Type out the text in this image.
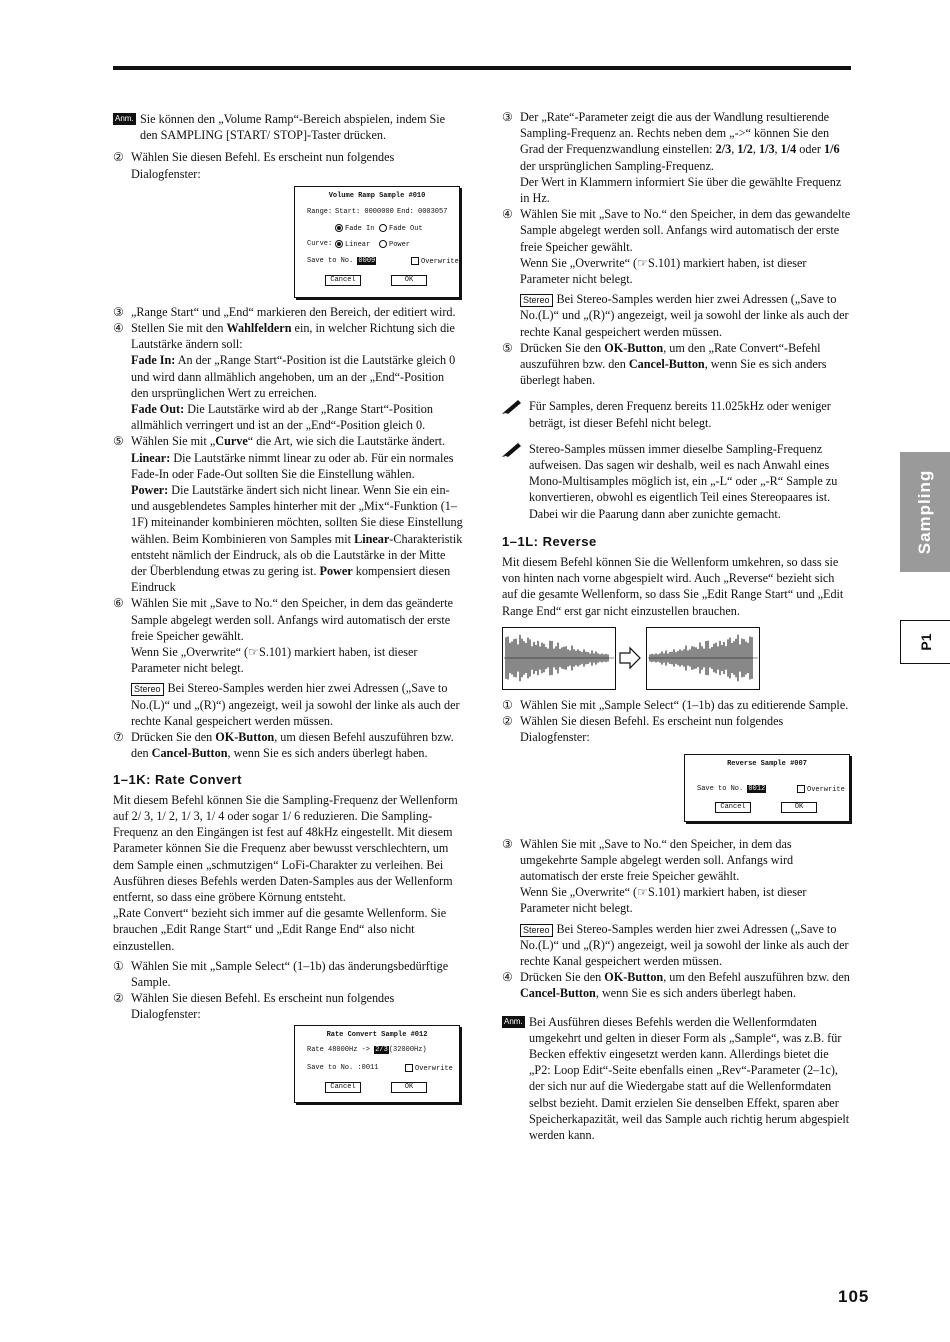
Anm. Sie können den „Volume Ramp“-Bereich abspielen, indem Sie den SAMPLING [START/ STOP]-Taster drücken.

② Wählen Sie diesen Befehl. Es erscheint nun folgendes Dialogfenster:

Volume Ramp Sample #010
Range: Start: 0000000 End: 0003057
Fade In	Fade Out
Curve:	Linear	Power
Save to No. 0009	Overwrite
Cancel	OK

③ „Range Start“ und „End“ markieren den Bereich, der editiert wird.

④ Stellen Sie mit den Wahlfeldern ein, in welcher Richtung sich die Lautstärke ändern soll:

Fade In: An der „Range Start“-Position ist die Lautstärke gleich 0 und wird dann allmählich angehoben, um an der „End“-Position den ursprünglichen Wert zu erreichen.

Fade Out: Die Lautstärke wird ab der „Range Start“-Position allmählich verringert und ist an der „End“-Position gleich 0.

⑤ Wählen Sie mit „Curve“ die Art, wie sich die Lautstärke ändert.

Linear: Die Lautstärke nimmt linear zu oder ab. Für ein normales Fade-In oder Fade-Out sollten Sie die Einstellung wählen.

Power: Die Lautstärke ändert sich nicht linear. Wenn Sie ein ein- und ausgeblendetes Samples hinterher mit der „Mix“-Funktion (1–1F) miteinander kombinieren möchten, sollten Sie diese Einstellung wählen. Beim Kombinieren von Samples mit Linear-Charakteristik entsteht nämlich der Eindruck, als ob die Lautstärke in der Mitte der Überblendung etwas zu gering ist. Power kompensiert diesen Eindruck

⑥ Wählen Sie mit „Save to No.“ den Speicher, in dem das geänderte Sample abgelegt werden soll. Anfangs wird automatisch der erste freie Speicher gewählt.

Wenn Sie „Overwrite“ (☞S.101) markiert haben, ist dieser Parameter nicht belegt.

Stereo Bei Stereo-Samples werden hier zwei Adressen („Save to No.(L)“ und „(R)“) angezeigt, weil ja sowohl der linke als auch der rechte Kanal gespeichert werden müssen.

⑦ Drücken Sie den OK-Button, um diesen Befehl auszuführen bzw. den Cancel-Button, wenn Sie es sich anders überlegt haben.

1–1K: Rate Convert

Mit diesem Befehl können Sie die Sampling-Frequenz der Wellenform auf 2/ 3, 1/ 2, 1/ 3, 1/ 4 oder sogar 1/ 6 reduzieren. Die Sampling-Frequenz an den Eingängen ist fest auf 48kHz eingestellt. Mit diesem Parameter können Sie die Frequenz aber bewusst verschlechtern, um dem Sample einen „schmutzigen“ LoFi-Charakter zu verleihen. Bei Ausführen dieses Befehls werden Daten-Samples aus der Wellenform entfernt, so dass eine gröbere Körnung entsteht.

„Rate Convert“ bezieht sich immer auf die gesamte Wellenform. Sie brauchen „Edit Range Start“ und „Edit Range End“ also nicht einzustellen.

① Wählen Sie mit „Sample Select“ (1–1b) das änderungsbedürftige Sample.

② Wählen Sie diesen Befehl. Es erscheint nun folgendes Dialogfenster:

Rate Convert Sample #012
Rate 48000Hz -> 2/3(32000Hz)
Save to No. :0011	Overwrite
Cancel	OK

③ Der „Rate“-Parameter zeigt die aus der Wandlung resultierende Sampling-Frequenz an. Rechts neben dem „->“ können Sie den Grad der Frequenzwandlung einstellen: 2/3, 1/2, 1/3, 1/4 oder 1/6 der ursprünglichen Sampling-Frequenz.

Der Wert in Klammern informiert Sie über die gewählte Frequenz in Hz.

④ Wählen Sie mit „Save to No.“ den Speicher, in dem das gewandelte Sample abgelegt werden soll. Anfangs wird automatisch der erste freie Speicher gewählt.

Wenn Sie „Overwrite“ (☞S.101) markiert haben, ist dieser Parameter nicht belegt.

Stereo Bei Stereo-Samples werden hier zwei Adressen („Save to No.(L)“ und „(R)“) angezeigt, weil ja sowohl der linke als auch der rechte Kanal gespeichert werden müssen.

⑤ Drücken Sie den OK-Button, um den „Rate Convert“-Befehl auszuführen bzw. den Cancel-Button, wenn Sie es sich anders überlegt haben.

Für Samples, deren Frequenz bereits 11.025kHz oder weniger beträgt, ist dieser Befehl nicht belegt.

Stereo-Samples müssen immer dieselbe Sampling-Frequenz aufweisen. Das sagen wir deshalb, weil es nach Anwahl eines Mono-Multisamples möglich ist, ein „-L“ oder „-R“ Sample zu konvertieren, obwohl es eigentlich Teil eines Stereopaares ist. Dabei wir die Paarung dann aber zunichte gemacht.

1–1L: Reverse

Mit diesem Befehl können Sie die Wellenform umkehren, so dass sie von hinten nach vorne abgespielt wird. Auch „Reverse“ bezieht sich auf die gesamte Wellenform, so dass Sie „Edit Range Start“ und „Edit Range End“ erst gar nicht einzustellen brauchen.

① Wählen Sie mit „Sample Select“ (1–1b) das zu editierende Sample.

② Wählen Sie diesen Befehl. Es erscheint nun folgendes Dialogfenster:

Reverse Sample #007
Save to No. 0012	Overwrite
Cancel	OK

③ Wählen Sie mit „Save to No.“ den Speicher, in dem das umgekehrte Sample abgelegt werden soll. Anfangs wird automatisch der erste freie Speicher gewählt.

Wenn Sie „Overwrite“ (☞S.101) markiert haben, ist dieser Parameter nicht belegt.

Stereo Bei Stereo-Samples werden hier zwei Adressen („Save to No.(L)“ und „(R)“) angezeigt, weil ja sowohl der linke als auch der rechte Kanal gespeichert werden müssen.

④ Drücken Sie den OK-Button, um den Befehl auszuführen bzw. den Cancel-Button, wenn Sie es sich anders überlegt haben.

Anm. Bei Ausführen dieses Befehls werden die Wellenformdaten umgekehrt und gelten in dieser Form als „Sample“, was z.B. für Becken effektiv eingesetzt werden kann. Allerdings bietet die „P2: Loop Edit“-Seite ebenfalls einen „Rev“-Parameter (2–1c), der sich nur auf die Wiedergabe statt auf die Wellenformdaten selbst bezieht. Damit erzielen Sie denselben Effekt, sparen aber Speicherkapazität, weil das Sample auch richtig herum abgespielt werden kann.

Sampling
P1
105
